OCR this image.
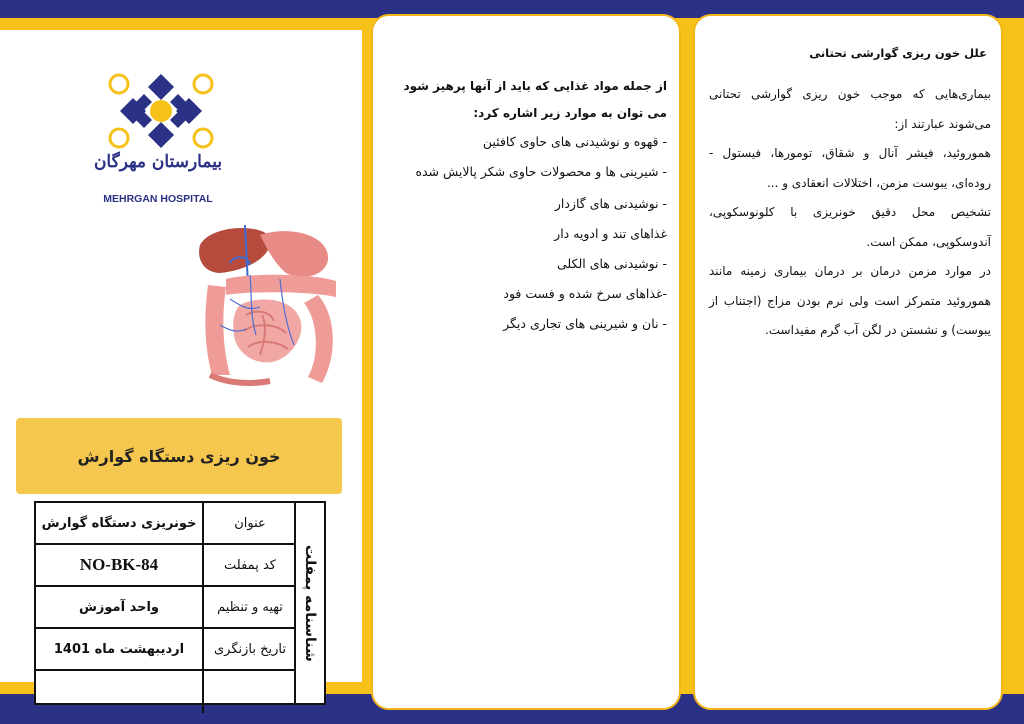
بیمارستان مهرگان
MEHRGAN HOSPITAL
خون ریزی دستگاه گوارش
شناسنامه پمفلت
عنوان
خونریزی دستگاه گوارش
کد پمفلت
NO-BK-84
تهیه و تنظیم
واحد آموزش
تاریخ بازنگری
اردیبهشت ماه 1401

از جمله مواد غذایی که باید از آنها پرهیز شود می توان به موارد زیر اشاره کرد:

- قهوه و نوشیدنی های حاوی کافئین

- شیرینی ها و محصولات حاوی شکر پالایش شده

- نوشیدنی های گازدار

غذاهای تند و ادویه دار

- نوشیدنی های الکلی

-غذاهای سرخ شده و فست فود

- نان و شیرینی های تجاری دیگر

علل خون ریزی گوارشی تحتانی

بیماری‌هایی که موجب خون ریزی گوارشی تحتانی می‌شوند عبارتند از:

هموروئید، فیشر آنال و شقاق، تومورها، فیستول - روده‌ای، یبوست مزمن، اختلالات انعقادی و ...

تشخیص محل دقیق خونریزی با کلونوسکوپی، آندوسکوپی، ممکن است.

در موارد مزمن درمان بر درمان بیماری زمینه مانند هموروئید متمرکز است ولی نرم بودن مزاج (اجتناب از یبوست) و نشستن در لگن آب گرم مفیداست.
